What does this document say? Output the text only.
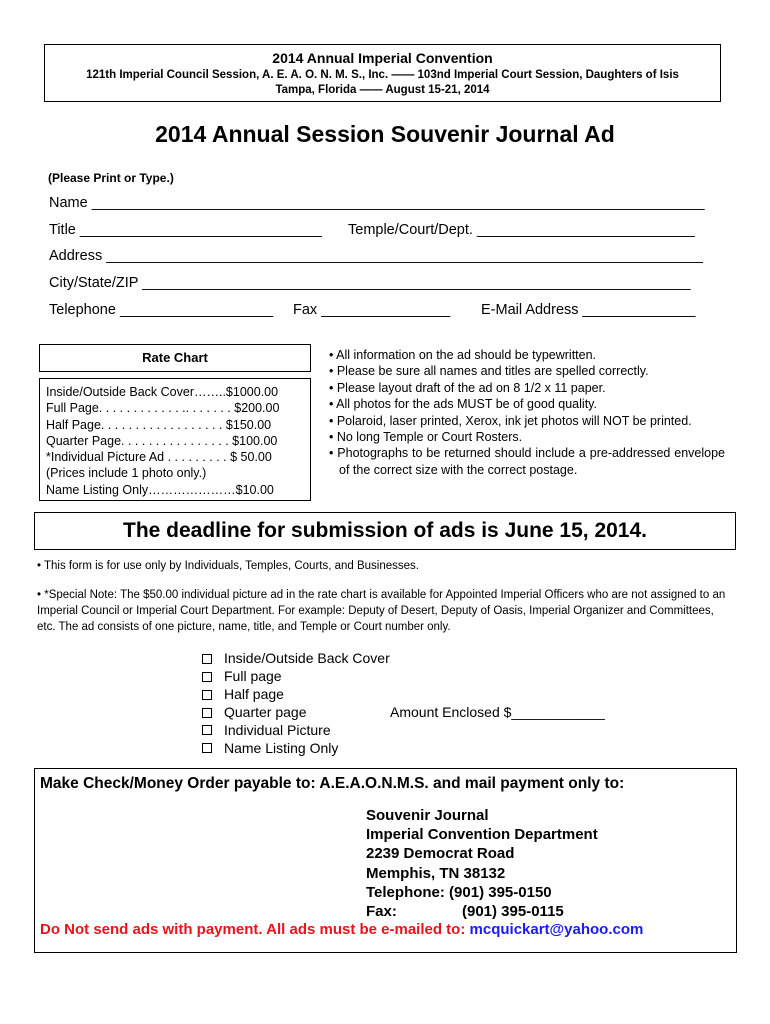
2014 Annual Imperial Convention
121th Imperial Council Session, A. E. A. O. N. M. S., Inc. —— 103nd Imperial Court Session, Daughters of Isis
Tampa, Florida —— August 15-21, 2014
2014 Annual Session Souvenir Journal Ad
(Please Print or Type.)
Name ____________________________________________________________________________
Title ______________________________ Temple/Court/Dept. ___________________________
Address __________________________________________________________________________
City/State/ZIP ____________________________________________________________________
Telephone ___________________ Fax ________________ E-Mail Address ______________
Rate Chart
Inside/Outside Back Cover……..$1000.00
Full Page. . . . . . . . . . . . .. . . . . . . $200.00
Half Page. . . . . . . . . . . . . . . . . . $150.00
Quarter Page. . . . . . . . . . . . . . . . $100.00
*Individual Picture Ad . . . . . . . . . $ 50.00
(Prices include 1 photo only.)
Name Listing Only…………………$10.00
• All information on the ad should be typewritten.
• Please be sure all names and titles are spelled correctly.
• Please layout draft of the ad on 8 1/2 x 11 paper.
• All photos for the ads MUST be of good quality.
• Polaroid, laser printed, Xerox, ink jet photos will NOT be printed.
• No long Temple or Court Rosters.
• Photographs to be returned should include a pre-addressed envelope of the correct size with the correct postage.
The deadline for submission of ads is June 15, 2014.
• This form is for use only by Individuals, Temples, Courts, and Businesses.
• *Special Note: The $50.00 individual picture ad in the rate chart is available for Appointed Imperial Officers who are not assigned to an Imperial Council or Imperial Court Department. For example: Deputy of Desert, Deputy of Oasis, Imperial Organizer and Committees, etc. The ad consists of one picture, name, title, and Temple or Court number only.
Inside/Outside Back Cover
Full page
Half page
Quarter page
Individual Picture
Name Listing Only
Amount Enclosed $____________
Make Check/Money Order payable to: A.E.A.O.N.M.S. and mail payment only to:
Souvenir Journal
Imperial Convention Department
2239 Democrat Road
Memphis, TN 38132
Telephone: (901) 395-0150
Fax:	(901) 395-0115
Do Not send ads with payment. All ads must be e-mailed to: mcquickart@yahoo.com
